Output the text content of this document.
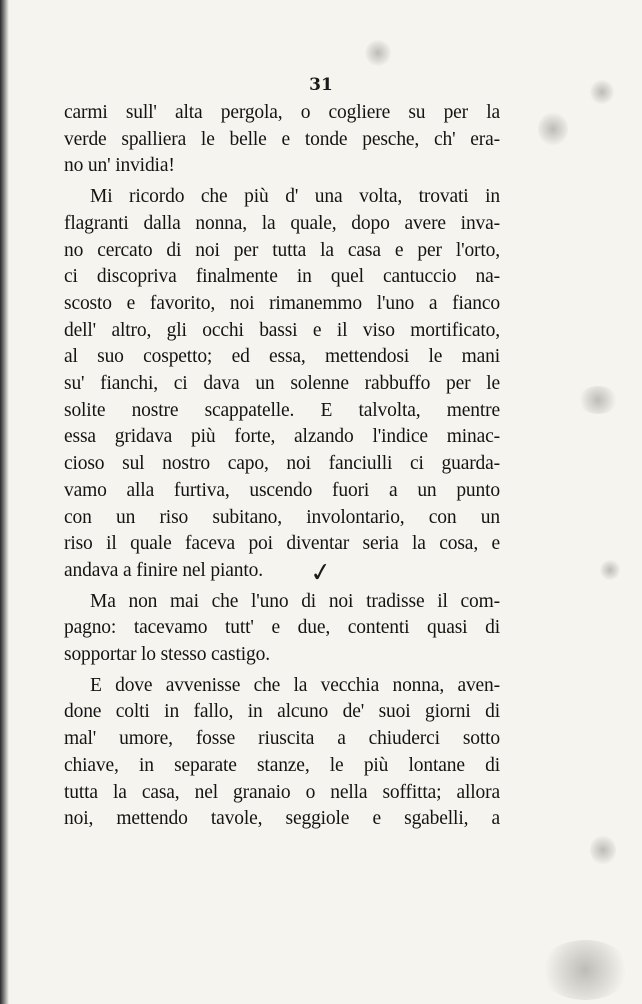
31
carmi sull' alta pergola, o cogliere su per la
verde spalliera le belle e tonde pesche, ch' era-
no un' invidia!
Mi ricordo che più d' una volta, trovati in
flagranti dalla nonna, la quale, dopo avere inva-
no cercato di noi per tutta la casa e per l'orto,
ci discopriva finalmente in quel cantuccio na-
scosto e favorito, noi rimanemmo l'uno a fianco
dell' altro, gli occhi bassi e il viso mortificato,
al suo cospetto; ed essa, mettendosi le mani
su' fianchi, ci dava un solenne rabbuffo per le
solite nostre scappatelle. E talvolta, mentre
essa gridava più forte, alzando l'indice minac-
cioso sul nostro capo, noi fanciulli ci guarda-
vamo alla furtiva, uscendo fuori a un punto
con un riso subitano, involontario, con un
riso il quale faceva poi diventar seria la cosa, e
andava a finire nel pianto.
Ma non mai che l'uno di noi tradisse il com-
pagno: tacevamo tutt' e due, contenti quasi di
sopportar lo stesso castigo.
E dove avvenisse che la vecchia nonna, aven-
done colti in fallo, in alcuno de' suoi giorni di
mal' umore, fosse riuscita a chiuderci sotto
chiave, in separate stanze, le più lontane di
tutta la casa, nel granaio o nella soffitta; allora
noi, mettendo tavole, seggiole e sgabelli, a
✓
